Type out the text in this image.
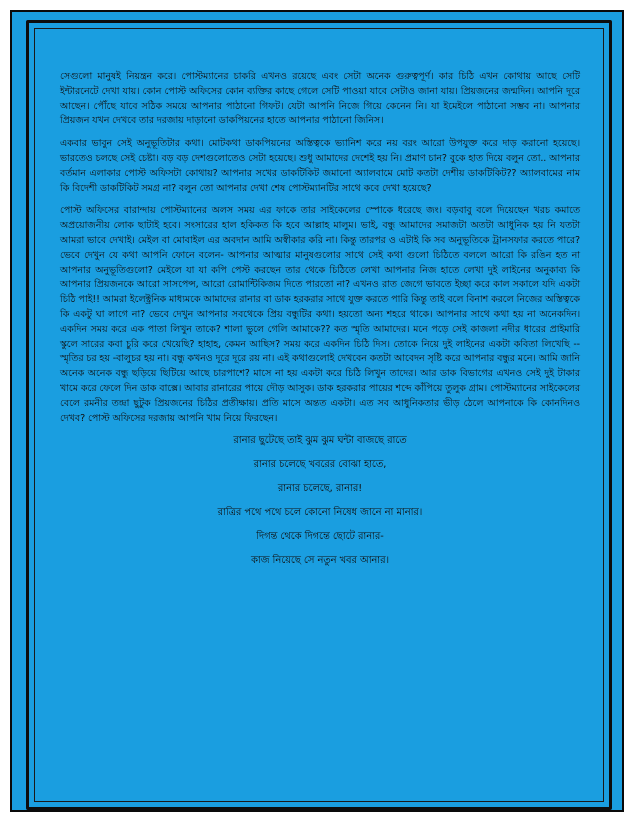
সেগুলো মানুষই নিয়ন্ত্রন করে। পোস্টম্যানের চাকরি এখনও রয়েছে এবং সেটা অনেক গুরুত্বপূর্ণ। কার চিঠি এখন কোথায় আছে সেটি ইন্টারনেটে দেখা যায়। কোন পোস্ট অফিসের কোন ব্যক্তির কাছে গেলে সেটি পাওয়া যাবে সেটাও জানা যায়। প্রিয়জনের জন্মদিন। আপনি দূরে আছেন। পৌঁছে যাবে সঠিক সময়ে আপনার পাঠানো গিফট। যেটা আপনি নিজে গিয়ে কেনেন নি। যা ইমেইলে পাঠানো সম্ভব না। আপনার প্রিয়জন যখন দেখবে তার দরজায় দাড়ানো ডাকপিয়নের হাতে আপনার পাঠানো জিনিস।

একবার ভাবুন সেই অনুভূতিটার কথা। মোটকথা ডাকপিয়নের অস্তিত্বকে ভ্যানিশ করে নয় বরং আরো উপযুক্ত করে দাড় করানো হয়েছে। ভারতেও চলছে সেই চেষ্টা। বড় বড় দেশগুলোতেও সেটা হয়েছে। শুধু আমাদের দেশেই হয় নি। প্রমাণ চান? বুকে হাত দিয়ে বলুন তো.. আপনার বর্তমান এলাকার পোস্ট অফিসটা কোথায়? আপনার সখের ডাকটিকিট জমানো অ্যালবামে মোট কতটা দেশীয় ডাকটিকিট?? অ্যালবামের নাম কি বিদেশী ডাকটিকিট সমগ্র না? বলুন তো আপনার দেখা শেষ পোস্টম্যানটির সাথে কবে দেখা হয়েছে?

পোস্ট অফিসের বারান্দায় পোস্টম্যানের অলস সময় এর ফাকে তার সাইকেলের স্পোকে ধরেছে জং। বড়বাবু বলে দিয়েছেন খরচ কমাতে অপ্রয়োজনীয় লোক ছাটাই হবে। সংসারের হাল হকিকত কি হবে আল্লাহ মালুম। ভাই, বন্ধু আমাদের সমাজটা অতটা আধুনিক হয় নি যতটা আমরা ভাবে দেখাই। মেইল বা মোবাইল এর অবদান আমি অস্বীকার করি না। কিন্তু তারপর ও এটাই কি সব অনুভূতিকে ট্রানসফার করতে পারে? ভেবে দেখুন যে কথা আপনি ফোনে বলেন- আপনার আত্মার মানুষগুলোর সাথে সেই কথা গুলো চিঠিতে বললে আরো কি রঙিন হত না আপনার অনুভূতিগুলো? মেইলে যা যা কপি পেস্ট করছেন তার থেকে চিঠিতে লেখা আপনার নিজ হাতে লেখা দুই লাইনের অনুকাব্য কি আপনার প্রিয়জনকে আরো সাসপেন্স, আরো রোমান্টিকিজম দিতে পারতো না? এখনও রাত জেগে ভাবতে ইচ্ছা করে কাল সকালে যদি একটা চিঠি পাই!! আমরা ইলেক্ট্রনিক মাধ্যমকে আমাদের রানার বা ডাক হরকরার সাথে যুক্ত করতে পারি কিন্তু তাই বলে বিনাশ করলে নিজের অস্তিত্বকে কি একটু ঘা লাগে না? ভেবে দেখুন আপনার সবথেকে প্রিয় বন্ধুটির কথা। হয়তো অন্য শহরে থাকে। আপনার সাথে কথা হয় না অনেকদিন। একদিন সময় করে এক পাতা লিখুন তাকে? শালা ভুলে গেলি আমাকে?? কত স্মৃতি আমাদের। মনে পড়ে সেই কাজলা নদীর ধারের প্রাইমারি স্কুলে সারের কবা চুরি করে খেয়েছি? হাহাহ, কেমন আছিস? সময় করে একদিন চিঠি দিস। তোকে নিয়ে দুই লাইনের একটা কবিতা লিখেছি -- স্মৃতির চর হয় -বালুচর হয় না। বন্ধু কখনও দূরে দূরে রয় না। এই কথাগুলোই দেখবেন কতটা আবেদন সৃষ্টি করে আপনার বন্ধুর মনে। আমি জানি অনেক অনেক বন্ধু ছড়িয়ে ছিটিয়ে আছে চারপাশে? মাসে না হয় একটা করে চিঠি লিখুন তাদের। আর ডাক বিভাগের এখনও সেই দুই টাকার খামে করে ফেলে দিন ডাক বাক্সে। আবার রানারের পায়ে দৌড় আসুক। ডাক হরকরার পায়ের শব্দে কাঁপিয়ে তুলুক গ্রাম। পোস্টম্যানের সাইকেলের বেলে রমনীর তন্দ্রা ছুটুক প্রিয়জনের চিঠির প্রতীক্ষায়। প্রতি মাসে অন্তত একটা। এত সব আধুনিকতার ভীড় ঠেলে আপনাকে কি কোনদিনও দেখব? পোস্ট অফিসের দরজায় আপনি খাম নিয়ে ফিরছেন।

রানার ছুটেছে তাই ঝুম ঝুম ঘন্টা বাজছে রাতে

রানার চলেছে খবরের বোঝা হাতে,

রানার চলেছে, রানার!

রাত্রির পথে পথে চলে কোনো নিষেধ জানে না মানার।

দিগন্ত থেকে দিগন্তে ছোটে রানার-

কাজ নিয়েছে সে নতুন খবর আনার।
